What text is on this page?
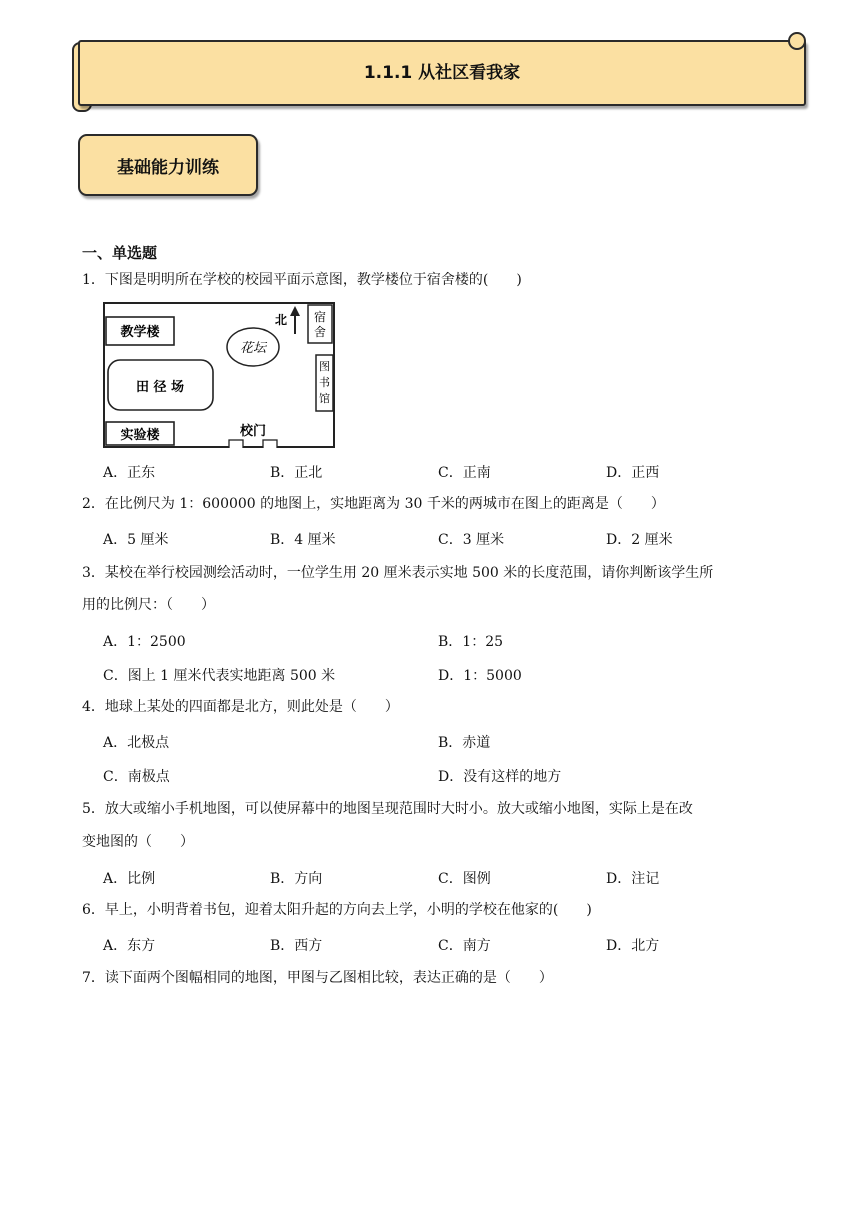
1.1.1 从社区看我家
基础能力训练
一、单选题
1．下图是明明所在学校的校园平面示意图，教学楼位于宿舍楼的(　　)
教学楼
花坛
北 宿
舍
田 径 场
图
书
馆
实验楼	校门
A．正东	B．正北	C．正南	D．正西
2．在比例尺为 1：600000 的地图上，实地距离为 30 千米的两城市在图上的距离是（　　）
A．5 厘米	B．4 厘米	C．3 厘米	D．2 厘米
3．某校在举行校园测绘活动时，一位学生用 20 厘米表示实地 500 米的长度范围，请你判断该学生所
用的比例尺：（　　）
A．1：2500	B．1：25
C．图上 1 厘米代表实地距离 500 米	D．1：5000
4．地球上某处的四面都是北方，则此处是（　　）
A．北极点	B．赤道
C．南极点	D．没有这样的地方
5．放大或缩小手机地图，可以使屏幕中的地图呈现范围时大时小。放大或缩小地图，实际上是在改
变地图的（　　）
A．比例	B．方向	C．图例	D．注记
6．早上，小明背着书包，迎着太阳升起的方向去上学，小明的学校在他家的(　　)
A．东方	B．西方	C．南方	D．北方
7．读下面两个图幅相同的地图，甲图与乙图相比较，表达正确的是（　　）
